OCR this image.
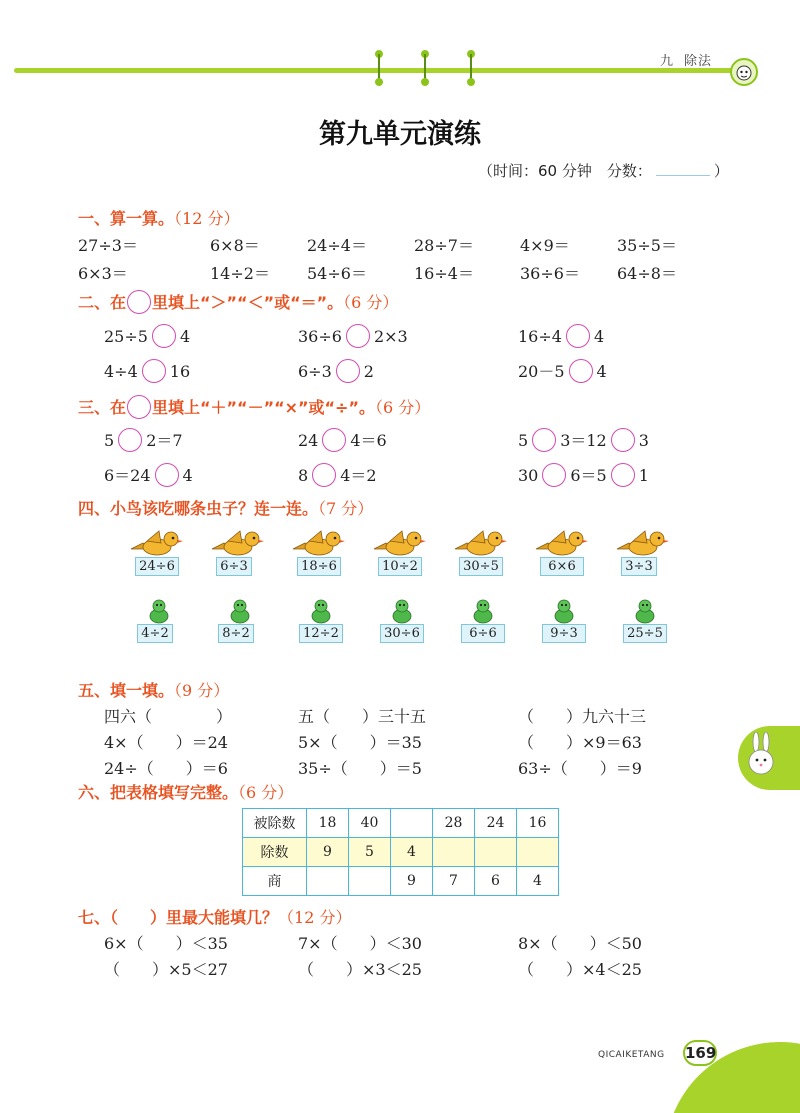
九 除法
第九单元演练
（时间：60 分钟　 分数：	）
一、算一算。（12 分）
27÷3＝	6×8＝	24÷4＝	28÷7＝	4×9＝	35÷5＝
6×3＝	14÷2＝ 54÷6＝	16÷4＝	36÷6＝ 64÷8＝
二、在 里填上“＞”“＜”或“＝”。（6 分）
25÷5 4	36÷6 2×3	16÷4 4
4÷4 16	6÷3 2	20－5 4
三、在 里填上“＋”“－”“×”或“÷”。（6 分）
5 2＝7	24 4＝6	5 3＝12 3
6＝24 4	8 4＝2	30 6＝5 1
四、小鸟该吃哪条虫子？连一连。（7 分）
24÷6	6÷3	18÷6	10÷2	30÷5	6×6	3÷3
4÷2	8÷2	12÷2	30÷6	6÷6	9÷3	25÷5
五、填一填。（9 分）
四六（　　　　）	五（　　）三十五	（　　）九六十三
4×（　　）＝24	5×（　　）＝35	（　　）×9＝63
24÷（　　）＝6	35÷（　　）＝5	63÷（　　）＝9
六、把表格填写完整。（6 分）
被除数	18	40		28	24	16
除数	9	5	4			
商			9	7	6	4
七、（　　）里最大能填几？（12 分）
6×（　　）＜35	7×（　　）＜30	8×（　　）＜50
（　　）×5＜27	（　　）×3＜25	（　　）×4＜25
QICAIKETANG 169
